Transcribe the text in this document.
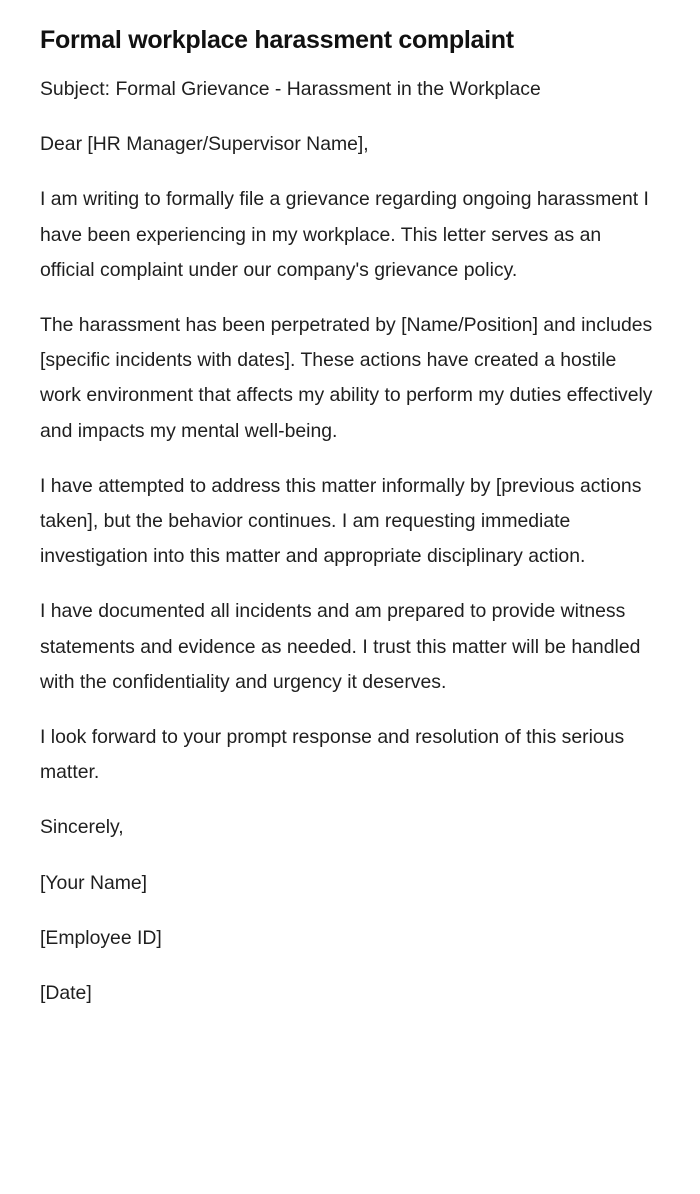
Formal workplace harassment complaint

Subject: Formal Grievance - Harassment in the Workplace

Dear [HR Manager/Supervisor Name],

I am writing to formally file a grievance regarding ongoing harassment I have been experiencing in my workplace. This letter serves as an official complaint under our company's grievance policy.

The harassment has been perpetrated by [Name/Position] and includes [specific incidents with dates]. These actions have created a hostile work environment that affects my ability to perform my duties effectively and impacts my mental well-being.

I have attempted to address this matter informally by [previous actions taken], but the behavior continues. I am requesting immediate investigation into this matter and appropriate disciplinary action.

I have documented all incidents and am prepared to provide witness statements and evidence as needed. I trust this matter will be handled with the confidentiality and urgency it deserves.

I look forward to your prompt response and resolution of this serious matter.

Sincerely,

[Your Name]

[Employee ID]

[Date]
